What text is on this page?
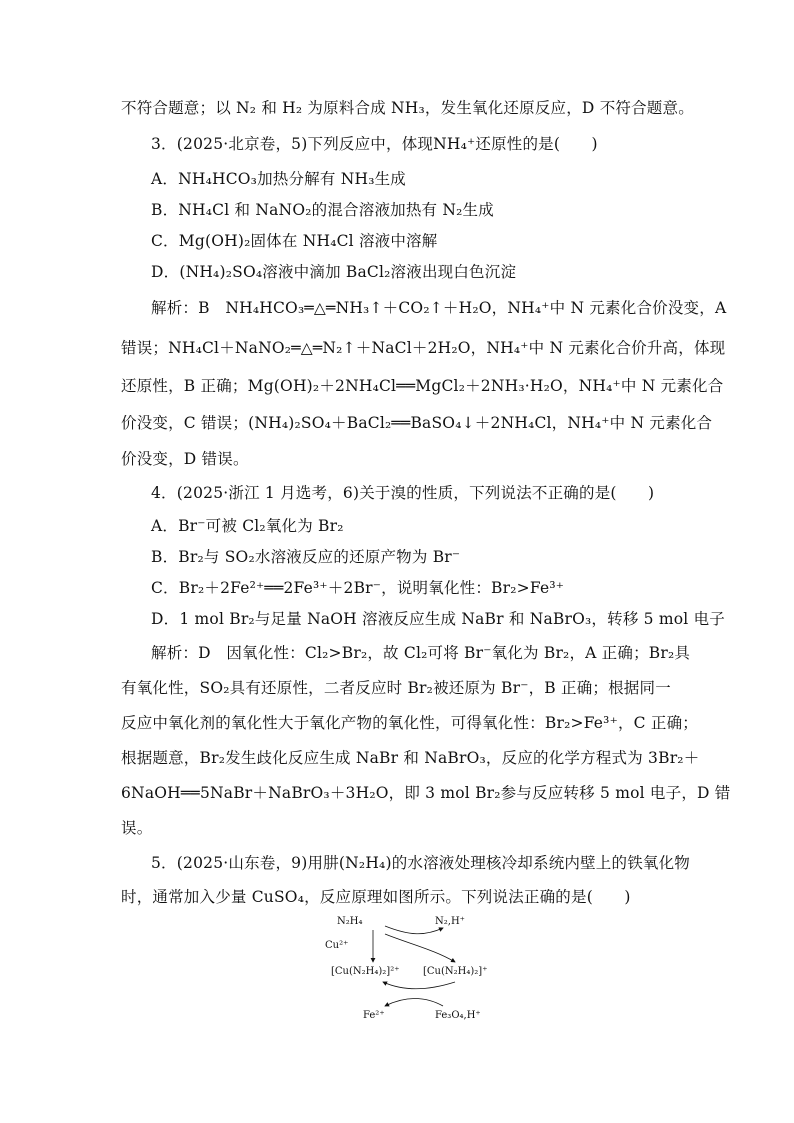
不符合题意；以 N₂ 和 H₂ 为原料合成 NH₃，发生氧化还原反应，D 不符合题意。
3．(2025·北京卷，5)下列反应中，体现NH₄⁺还原性的是(　　)
A．NH₄HCO₃加热分解有 NH₃生成
B．NH₄Cl 和 NaNO₂的混合溶液加热有 N₂生成
C．Mg(OH)₂固体在 NH₄Cl 溶液中溶解
D．(NH₄)₂SO₄溶液中滴加 BaCl₂溶液出现白色沉淀
解析：B　NH₄HCO₃═△═NH₃↑＋CO₂↑＋H₂O，NH₄⁺中 N 元素化合价没变，A
错误；NH₄Cl＋NaNO₂═△═N₂↑＋NaCl＋2H₂O，NH₄⁺中 N 元素化合价升高，体现
还原性，B 正确；Mg(OH)₂＋2NH₄Cl══MgCl₂＋2NH₃·H₂O，NH₄⁺中 N 元素化合
价没变，C 错误；(NH₄)₂SO₄＋BaCl₂══BaSO₄↓＋2NH₄Cl，NH₄⁺中 N 元素化合
价没变，D 错误。
4．(2025·浙江 1 月选考，6)关于溴的性质，下列说法不正确的是(　　)
A．Br⁻可被 Cl₂氧化为 Br₂
B．Br₂与 SO₂水溶液反应的还原产物为 Br⁻
C．Br₂＋2Fe²⁺══2Fe³⁺＋2Br⁻，说明氧化性：Br₂>Fe³⁺
D．1 mol Br₂与足量 NaOH 溶液反应生成 NaBr 和 NaBrO₃，转移 5 mol 电子
解析：D　因氧化性：Cl₂>Br₂，故 Cl₂可将 Br⁻氧化为 Br₂，A 正确；Br₂具
有氧化性，SO₂具有还原性，二者反应时 Br₂被还原为 Br⁻，B 正确；根据同一
反应中氧化剂的氧化性大于氧化产物的氧化性，可得氧化性：Br₂>Fe³⁺，C 正确；
根据题意，Br₂发生歧化反应生成 NaBr 和 NaBrO₃，反应的化学方程式为 3Br₂＋
6NaOH══5NaBr＋NaBrO₃＋3H₂O，即 3 mol Br₂参与反应转移 5 mol 电子，D 错
误。
5．(2025·山东卷，9)用肼(N₂H₄)的水溶液处理核冷却系统内壁上的铁氧化物
时，通常加入少量 CuSO₄，反应原理如图所示。下列说法正确的是(　　)
N₂H₄	N₂,H⁺
Cu²⁺
[Cu(N₂H₄)₂]²⁺ [Cu(N₂H₄)₂]⁺
Fe²⁺	Fe₃O₄,H⁺
